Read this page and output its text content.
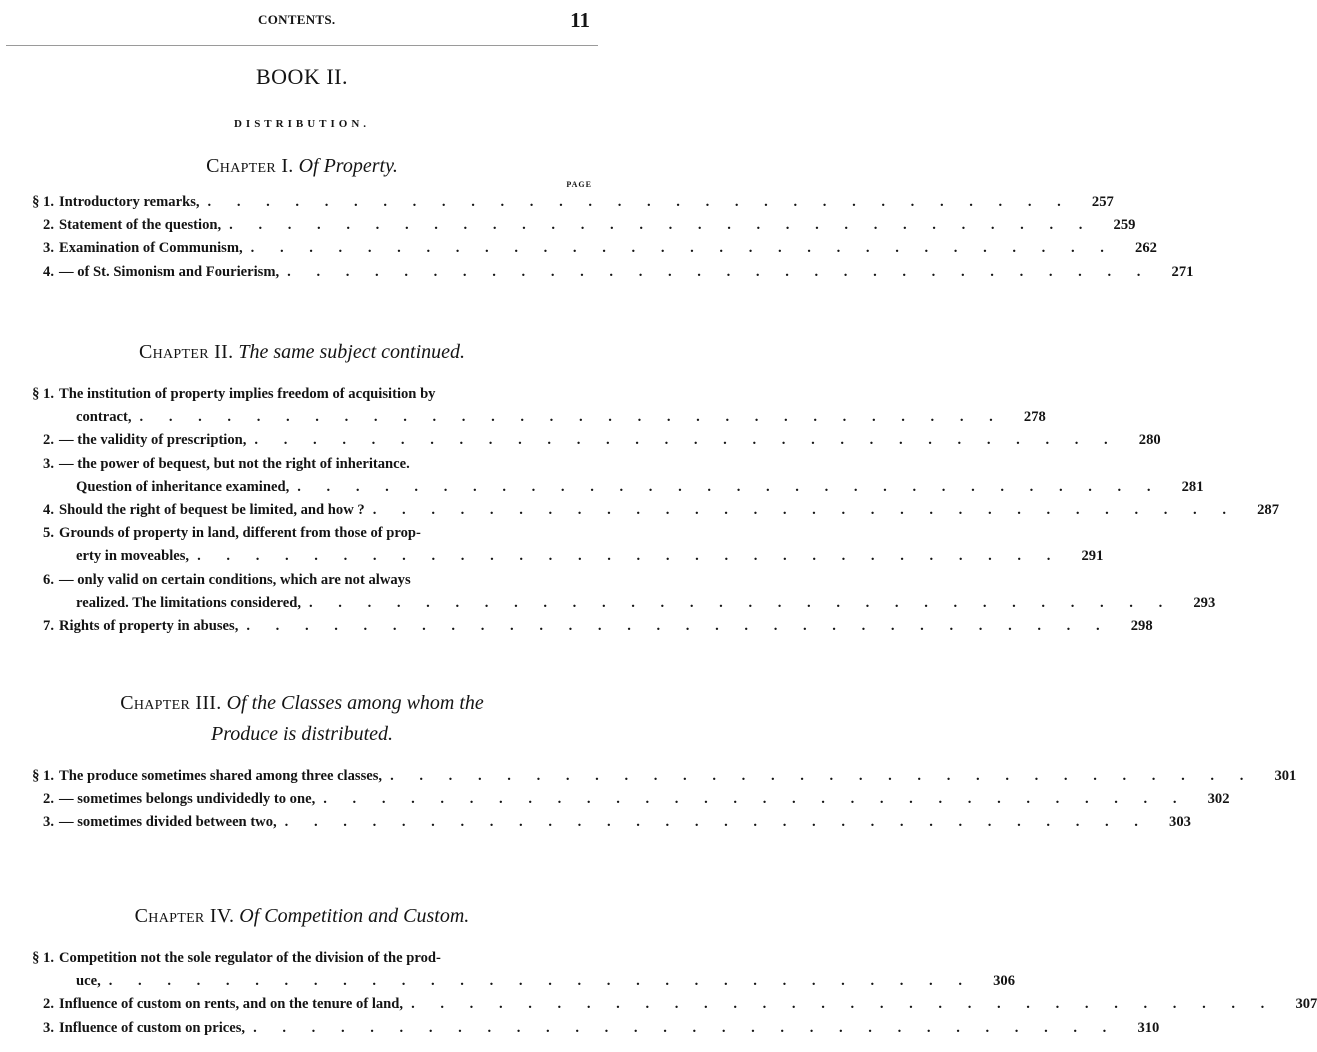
CONTENTS.	11
BOOK II.
DISTRIBUTION.
Chapter I. Of Property.
PAGE
§ 1. Introductory remarks, . . . . . . . . . . . . . . . . . . . . . . . . . . . . . .	257
2. Statement of the question, . . . . . . . . . . . . . . . . . . . . . . . . . . . . . .	259
3. Examination of Communism, . . . . . . . . . . . . . . . . . . . . . . . . . . . . . .	262
4. — of St. Simonism and Fourierism, . . . . . . . . . . . . . . . . . . . . . . . . . . . . . .	271
Chapter II. The same subject continued.
§ 1. The institution of property implies freedom of acquisition by
contract, . . . . . . . . . . . . . . . . . . . . . . . . . . . . . .	278
2. — the validity of prescription, . . . . . . . . . . . . . . . . . . . . . . . . . . . . . .	280
3. — the power of bequest, but not the right of inheritance.
Question of inheritance examined, . . . . . . . . . . . . . . . . . . . . . . . . . . . . . .	281
4. Should the right of bequest be limited, and how ? . . . . . . . . . . . . . . . . . . . . . . . . . . . . . .	287
5. Grounds of property in land, different from those of prop-
erty in moveables, . . . . . . . . . . . . . . . . . . . . . . . . . . . . . .	291
6. — only valid on certain conditions, which are not always
realized. The limitations considered, . . . . . . . . . . . . . . . . . . . . . . . . . . . . . .	293
7. Rights of property in abuses, . . . . . . . . . . . . . . . . . . . . . . . . . . . . . .	298
Chapter III. Of the Classes among whom the
Produce is distributed.
§ 1. The produce sometimes shared among three classes, . . . . . . . . . . . . . . . . . . . . . . . . . . . . . .	301
2. — sometimes belongs undividedly to one, . . . . . . . . . . . . . . . . . . . . . . . . . . . . . .	302
3. — sometimes divided between two, . . . . . . . . . . . . . . . . . . . . . . . . . . . . . .	303
Chapter IV. Of Competition and Custom.
§ 1. Competition not the sole regulator of the division of the prod-
uce, . . . . . . . . . . . . . . . . . . . . . . . . . . . . . .	306
2. Influence of custom on rents, and on the tenure of land, . . . . . . . . . . . . . . . . . . . . . . . . . . . . . .	307
3. Influence of custom on prices, . . . . . . . . . . . . . . . . . . . . . . . . . . . . . .	310
